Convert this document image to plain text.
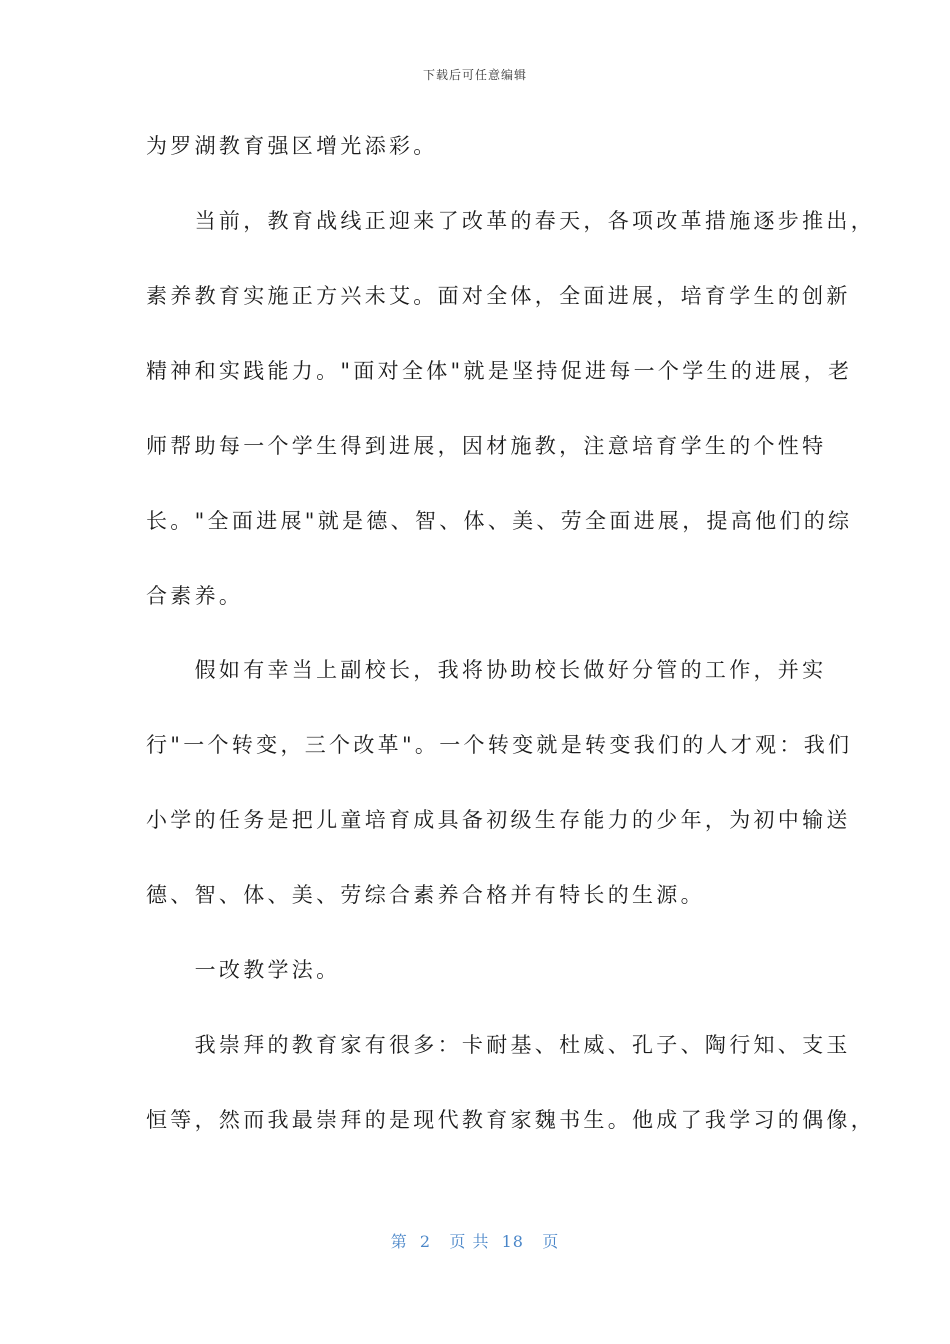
下载后可任意编辑
为罗湖教育强区增光添彩。
　　当前，教育战线正迎来了改革的春天，各项改革措施逐步推出，
素养教育实施正方兴未艾。面对全体，全面进展，培育学生的创新
精神和实践能力。"面对全体"就是坚持促进每一个学生的进展，老
师帮助每一个学生得到进展，因材施教，注意培育学生的个性特
长。"全面进展"就是德、智、体、美、劳全面进展，提高他们的综
合素养。
　　假如有幸当上副校长，我将协助校长做好分管的工作，并实
行"一个转变，三个改革"。一个转变就是转变我们的人才观：我们
小学的任务是把儿童培育成具备初级生存能力的少年，为初中输送
德、智、体、美、劳综合素养合格并有特长的生源。
　　一改教学法。
　　我崇拜的教育家有很多：卡耐基、杜威、孔子、陶行知、支玉
恒等，然而我最崇拜的是现代教育家魏书生。他成了我学习的偶像，
第  2   页 共  18   页
